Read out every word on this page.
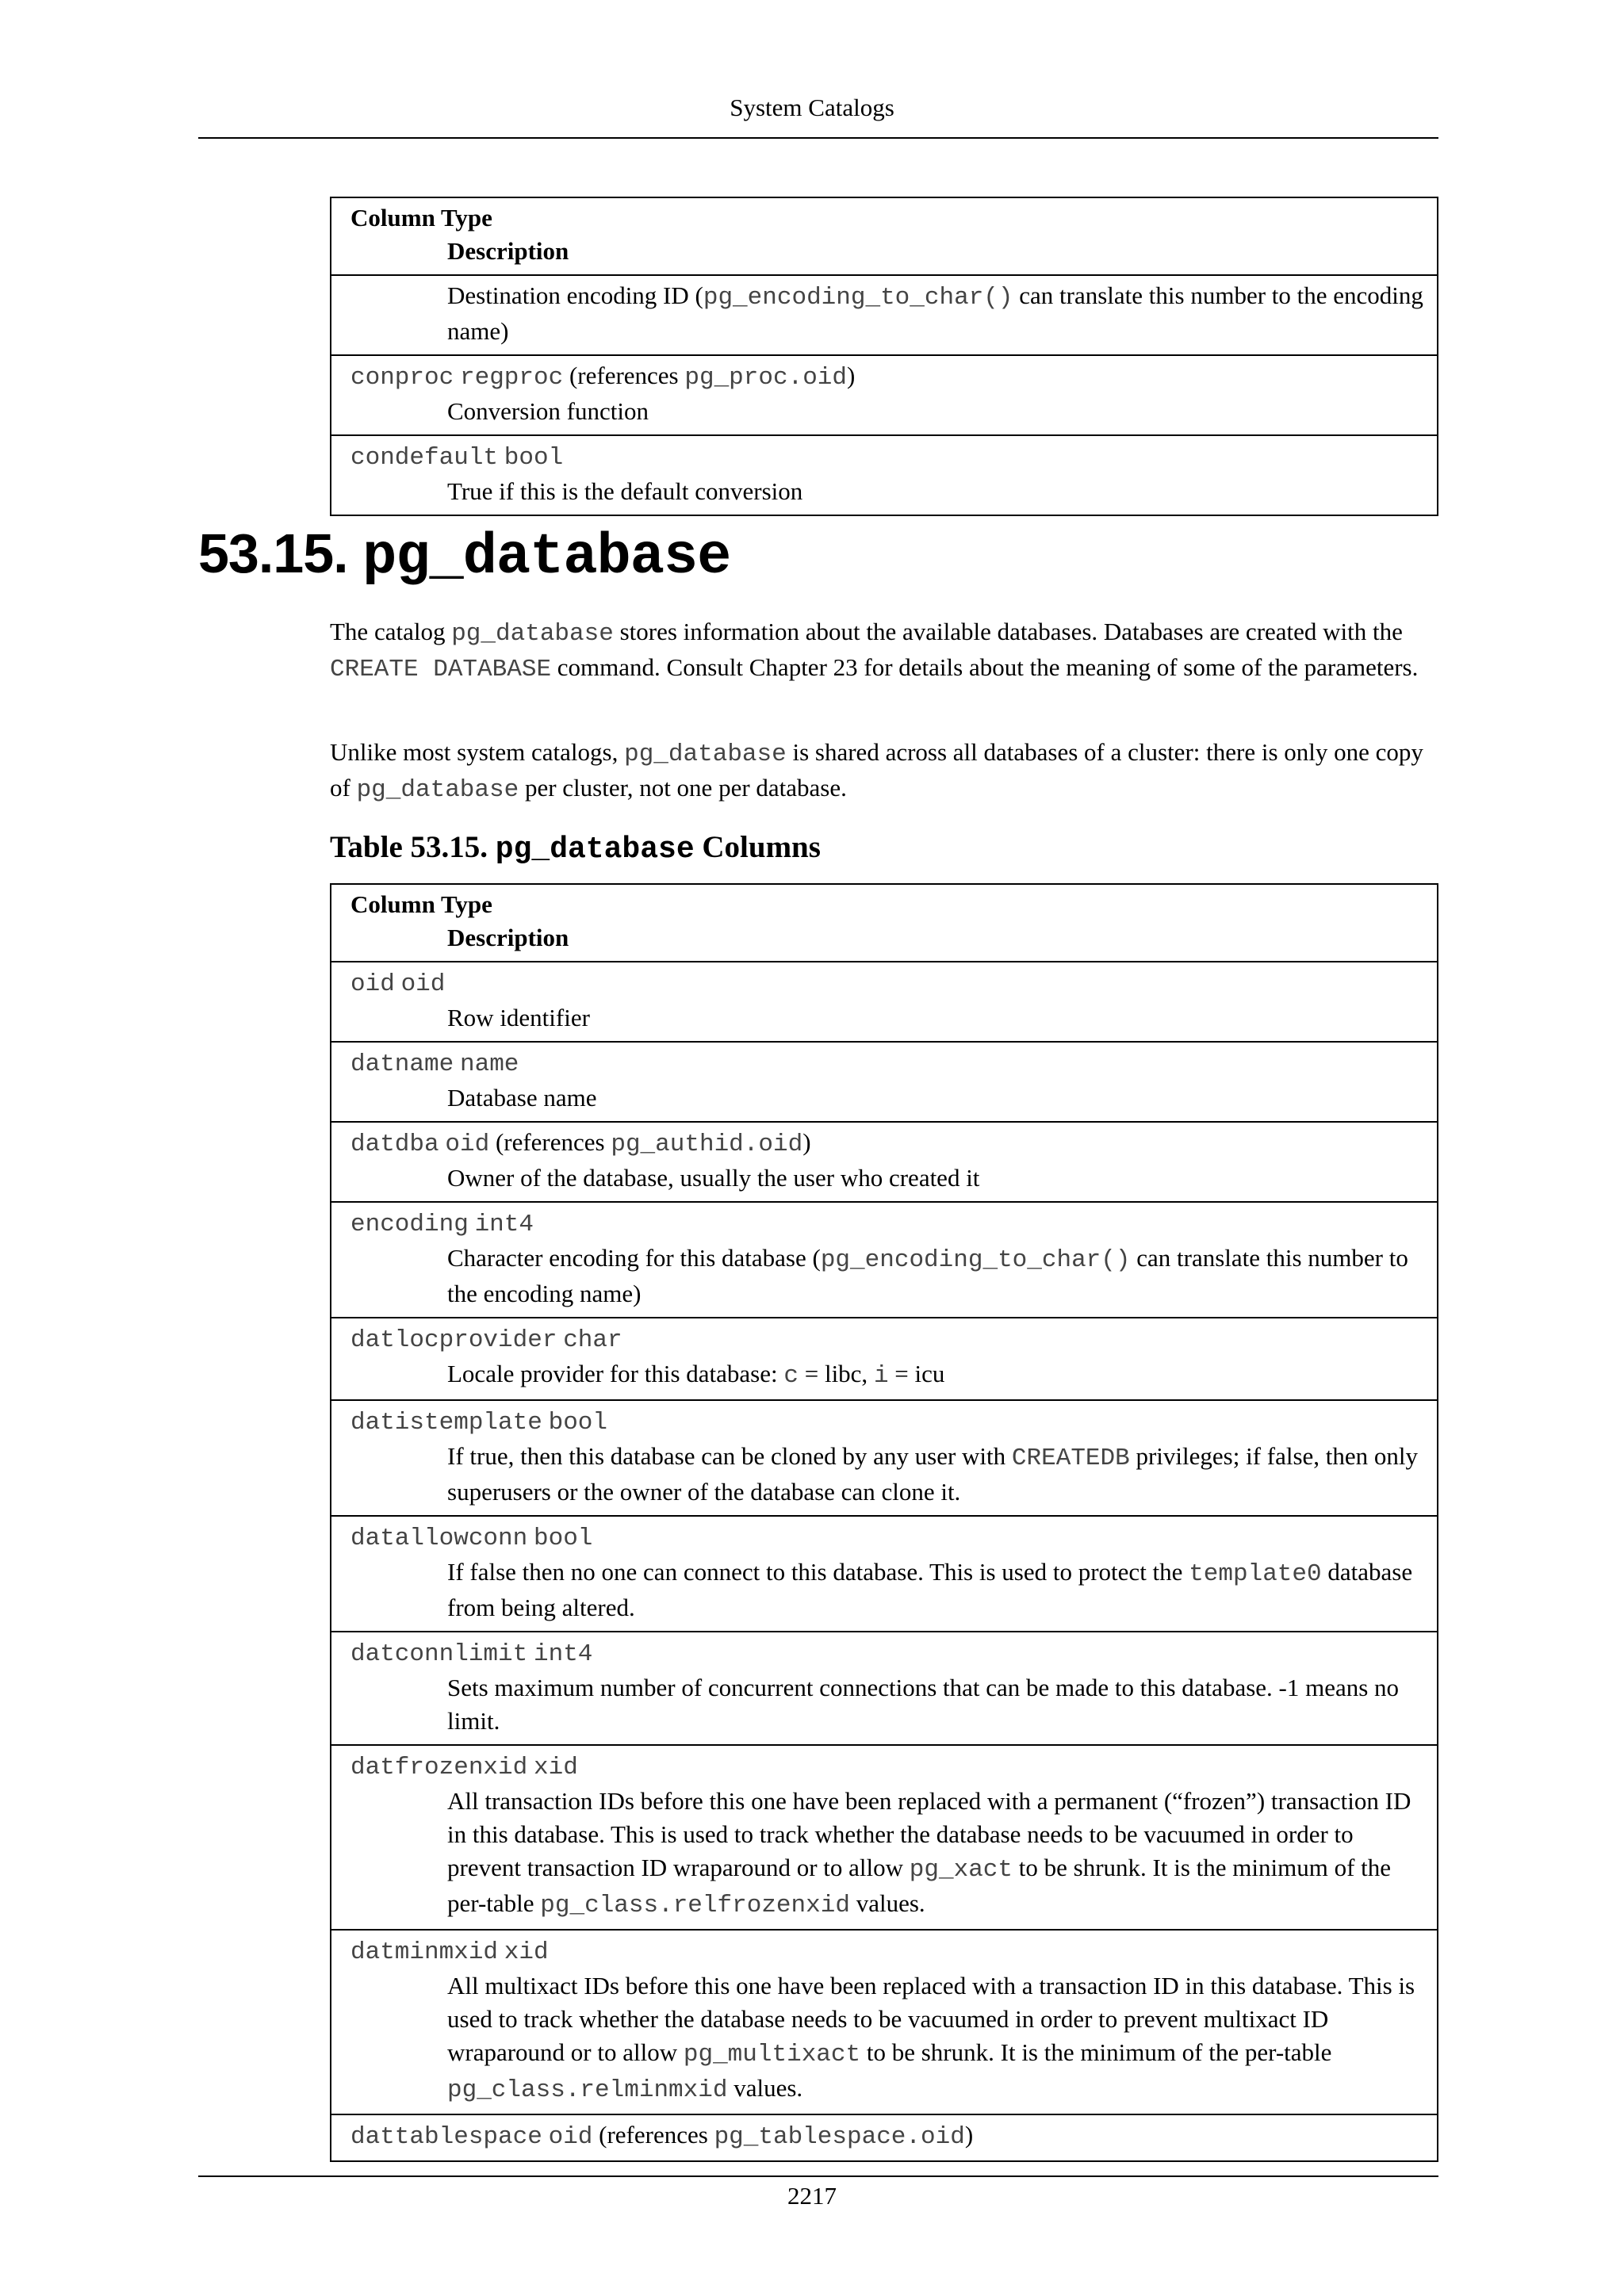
System Catalogs
Column Type
Description

Destination encoding ID (pg_encoding_to_char() can translate this number to the encoding name)

conproc regproc (references pg_proc.oid)
Conversion function

condefault bool
True if this is the default conversion
53.15. pg_database
The catalog pg_database stores information about the available databases. Databases are created with the CREATE DATABASE command. Consult Chapter 23 for details about the meaning of some of the parameters.
Unlike most system catalogs, pg_database is shared across all databases of a cluster: there is only one copy of pg_database per cluster, not one per database.
Table 53.15. pg_database Columns
Column Type
Description

oid oid
Row identifier

datname name
Database name

datdba oid (references pg_authid.oid)
Owner of the database, usually the user who created it

encoding int4
Character encoding for this database (pg_encoding_to_char() can translate this number to the encoding name)

datlocprovider char
Locale provider for this database: c = libc, i = icu

datistemplate bool
If true, then this database can be cloned by any user with CREATEDB privileges; if false, then only superusers or the owner of the database can clone it.

datallowconn bool
If false then no one can connect to this database. This is used to protect the template0 database from being altered.

datconnlimit int4
Sets maximum number of concurrent connections that can be made to this database. -1 means no limit.

datfrozenxid xid
All transaction IDs before this one have been replaced with a permanent (“frozen”) transaction ID in this database. This is used to track whether the database needs to be vacuumed in order to prevent transaction ID wraparound or to allow pg_xact to be shrunk. It is the minimum of the per-table pg_class.relfrozenxid values.

datminmxid xid
All multixact IDs before this one have been replaced with a transaction ID in this database. This is used to track whether the database needs to be vacuumed in order to prevent multixact ID wraparound or to allow pg_multixact to be shrunk. It is the minimum of the per-table pg_class.relminmxid values.

dattablespace oid (references pg_tablespace.oid)
2217
